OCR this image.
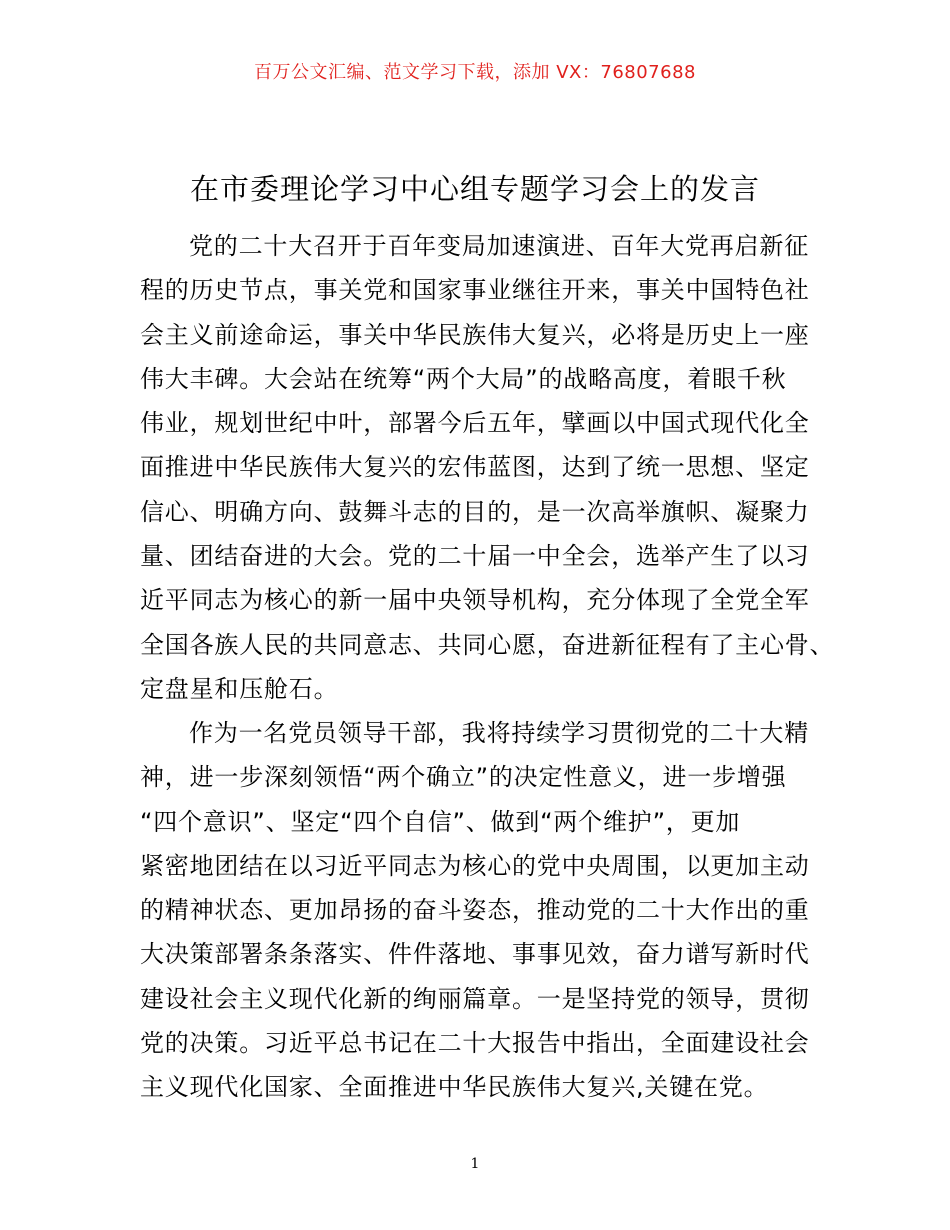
百万公文汇编、范文学习下载，添加 VX：76807688
在市委理论学习中心组专题学习会上的发言
党的二十大召开于百年变局加速演进、百年大党再启新征
程的历史节点，事关党和国家事业继往开来，事关中国特色社
会主义前途命运，事关中华民族伟大复兴，必将是历史上一座
伟大丰碑。大会站在统筹“两个大局”的战略高度，着眼千秋
伟业，规划世纪中叶，部署今后五年，擘画以中国式现代化全
面推进中华民族伟大复兴的宏伟蓝图，达到了统一思想、坚定
信心、明确方向、鼓舞斗志的目的，是一次高举旗帜、凝聚力
量、团结奋进的大会。党的二十届一中全会，选举产生了以习
近平同志为核心的新一届中央领导机构，充分体现了全党全军
全国各族人民的共同意志、共同心愿，奋进新征程有了主心骨、
定盘星和压舱石。
作为一名党员领导干部，我将持续学习贯彻党的二十大精
神，进一步深刻领悟“两个确立”的决定性意义，进一步增强
“四个意识”、坚定“四个自信”、做到“两个维护”，更加
紧密地团结在以习近平同志为核心的党中央周围，以更加主动
的精神状态、更加昂扬的奋斗姿态，推动党的二十大作出的重
大决策部署条条落实、件件落地、事事见效，奋力谱写新时代
建设社会主义现代化新的绚丽篇章。一是坚持党的领导，贯彻
党的决策。习近平总书记在二十大报告中指出，全面建设社会
主义现代化国家、全面推进中华民族伟大复兴,关键在党。
1
